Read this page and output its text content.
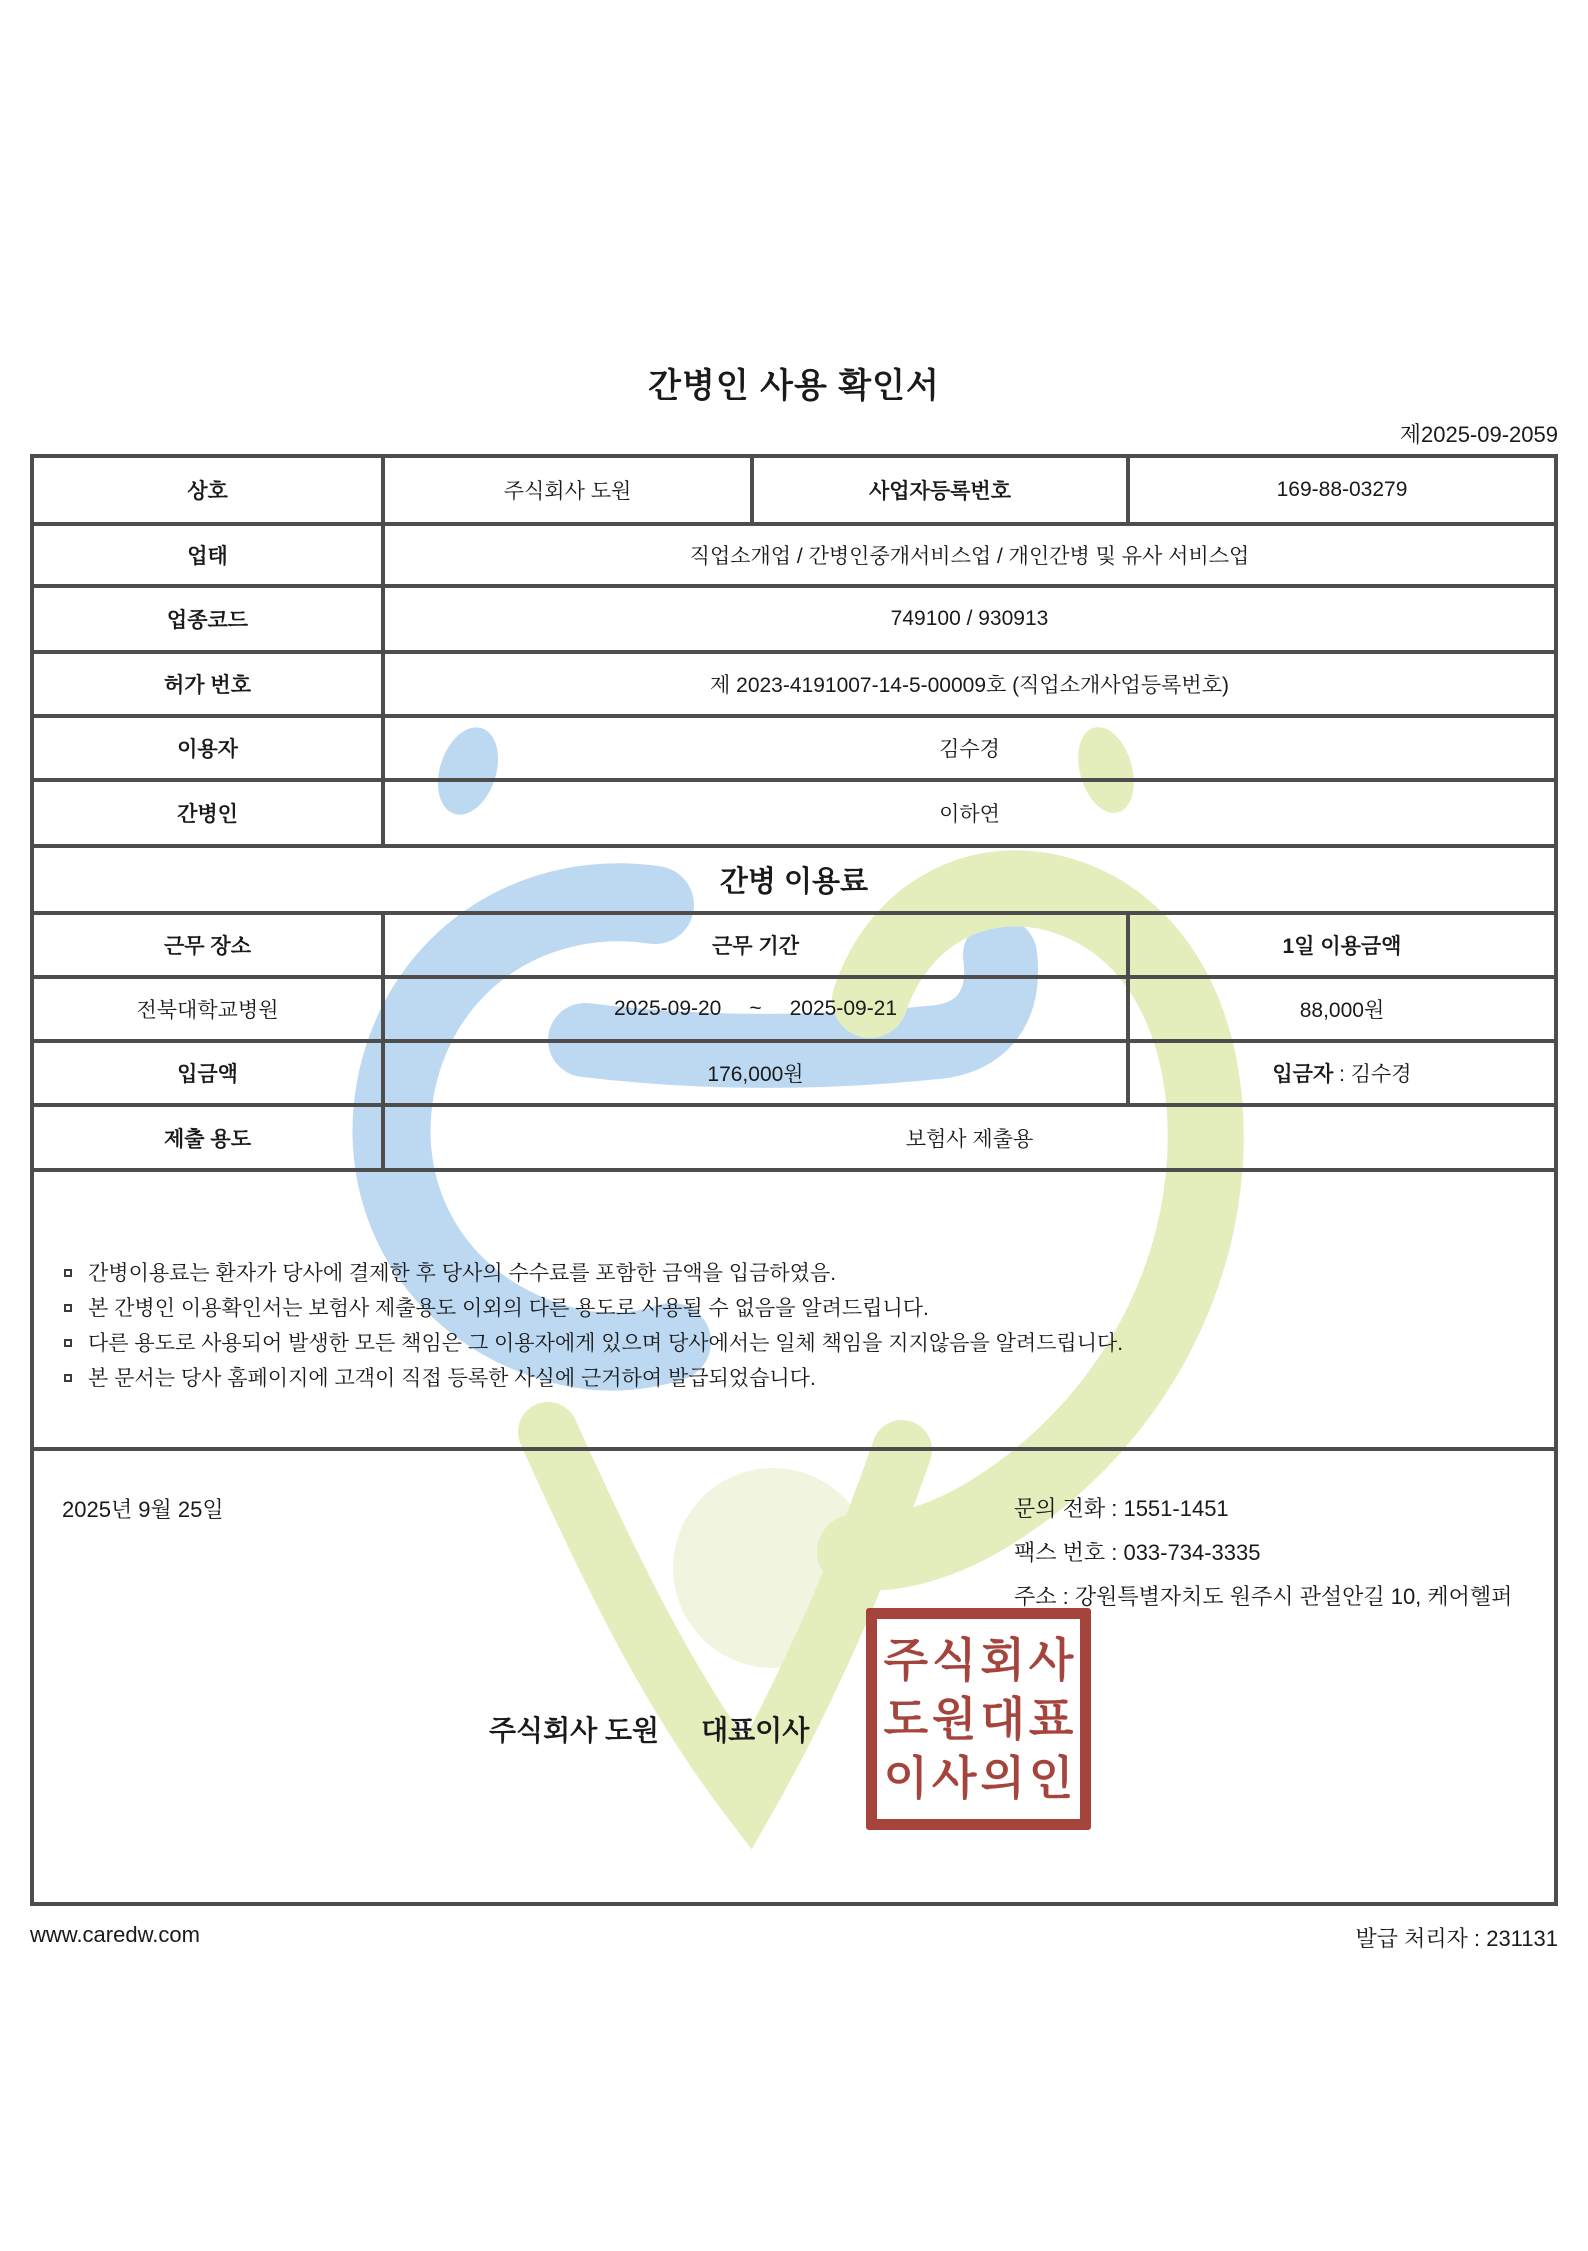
간병인 사용 확인서
제2025-09-2059
상호	주식회사 도원	사업자등록번호	169-88-03279
업태	직업소개업 / 간병인중개서비스업 / 개인간병 및 유사 서비스업
업종코드	749100 / 930913
허가 번호	제 2023-4191007-14-5-00009호 (직업소개사업등록번호)
이용자	김수경
간병인	이하연
간병 이용료
근무 장소	근무 기간	1일 이용금액
전북대학교병원	2025-09-20 ~ 2025-09-21	88,000원
입금액	176,000원	입금자 : 김수경
제출 용도	보험사 제출용
간병이용료는 환자가 당사에 결제한 후 당사의 수수료를 포함한 금액을 입금하였음.
본 간병인 이용확인서는 보험사 제출용도 이외의 다른 용도로 사용될 수 없음을 알려드립니다.
다른 용도로 사용되어 발생한 모든 책임은 그 이용자에게 있으며 당사에서는 일체 책임을 지지않음을 알려드립니다.
본 문서는 당사 홈페이지에 고객이 직접 등록한 사실에 근거하여 발급되었습니다.
2025년 9월 25일	문의 전화 : 1551-1451
팩스 번호 : 033-734-3335
주소 : 강원특별자치도 원주시 관설안길 10, 케어헬퍼
주식회사 도원 대표이사
주식회사
도원대표
이사의인
www.caredw.com	발급 처리자 : 231131
